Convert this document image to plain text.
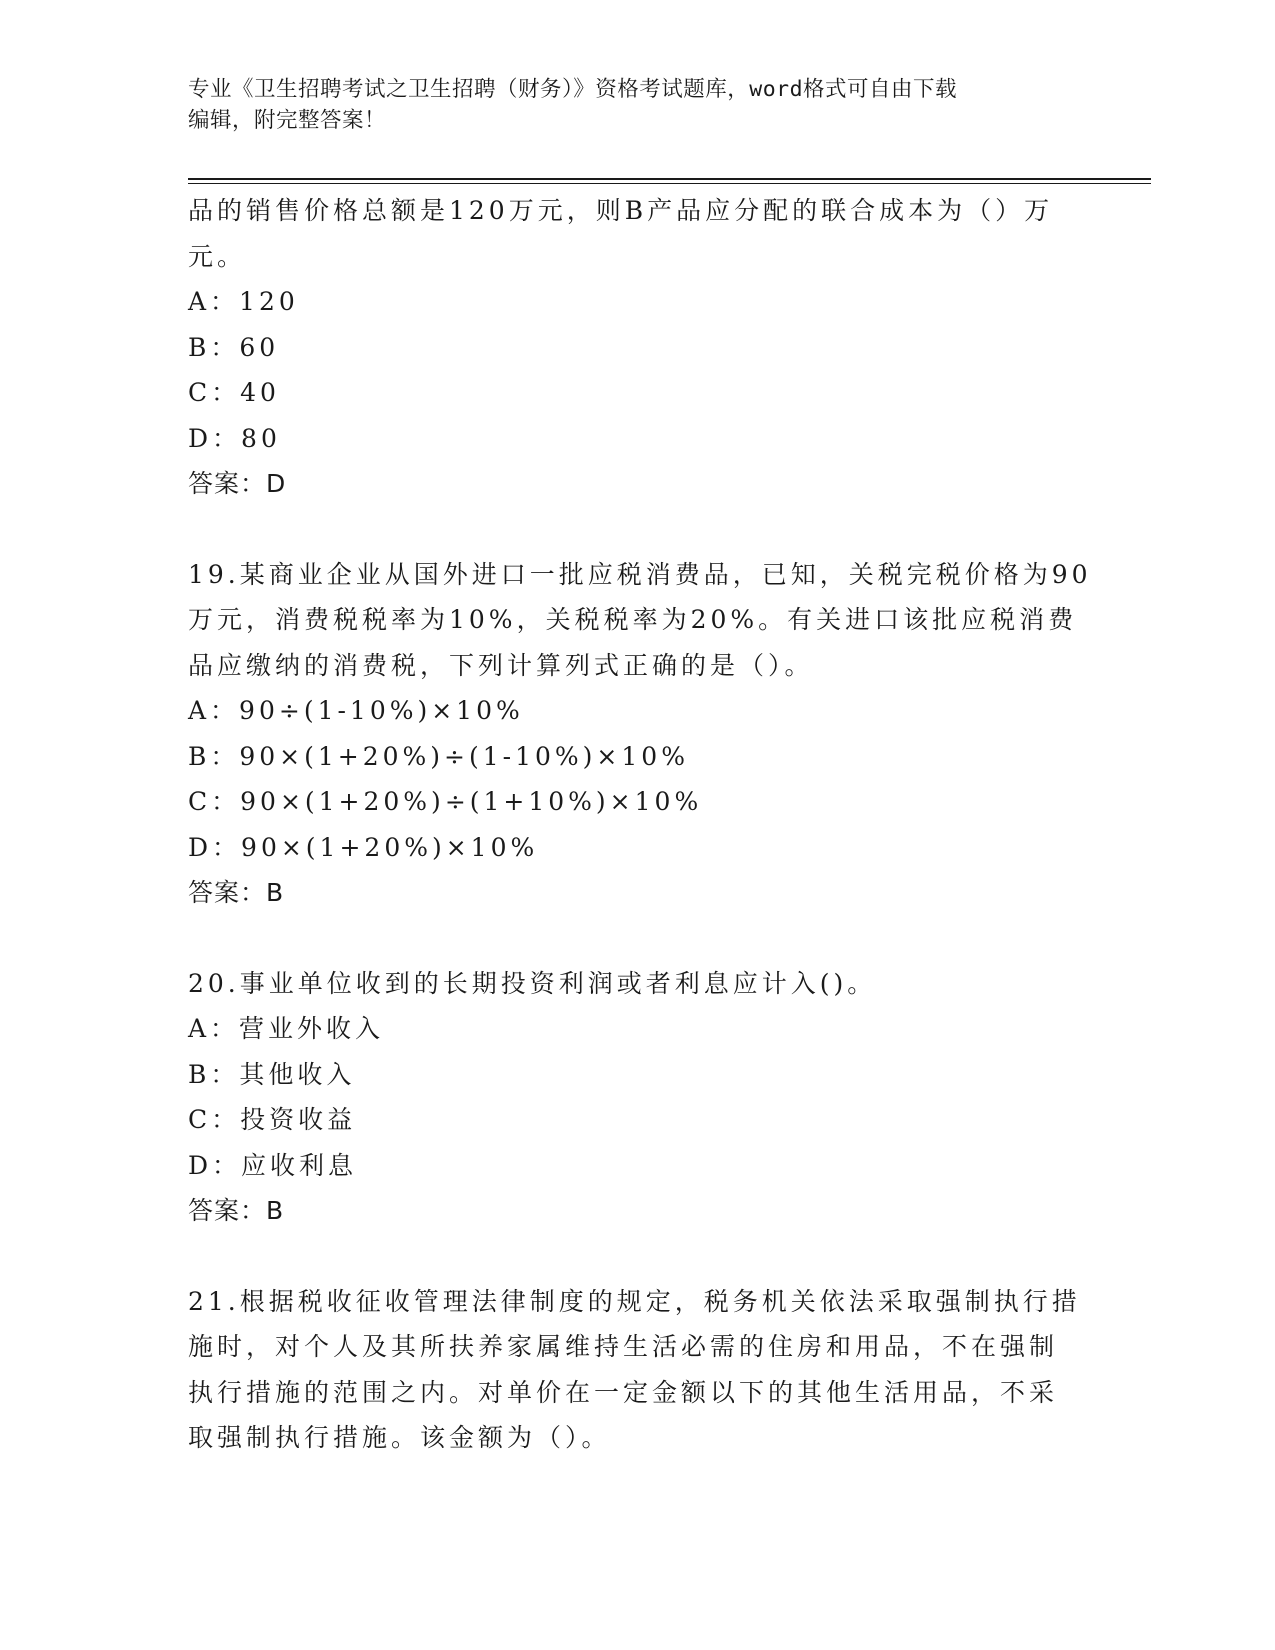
专业《卫生招聘考试之卫生招聘（财务）》资格考试题库，word格式可自由下载
编辑，附完整答案！
品的销售价格总额是120万元，则B产品应分配的联合成本为（）万
元。
A：120
B：60
C：40
D：80
答案：D
19.某商业企业从国外进口一批应税消费品，已知，关税完税价格为90
万元，消费税税率为10%，关税税率为20%。有关进口该批应税消费
品应缴纳的消费税，下列计算列式正确的是（）。
A：90÷(1-10%)×10%
B：90×(1+20%)÷(1-10%)×10%
C：90×(1+20%)÷(1+10%)×10%
D：90×(1+20%)×10%
答案：B
20.事业单位收到的长期投资利润或者利息应计入()。
A：营业外收入
B：其他收入
C：投资收益
D：应收利息
答案：B
21.根据税收征收管理法律制度的规定，税务机关依法采取强制执行措
施时，对个人及其所扶养家属维持生活必需的住房和用品，不在强制
执行措施的范围之内。对单价在一定金额以下的其他生活用品，不采
取强制执行措施。该金额为（）。
